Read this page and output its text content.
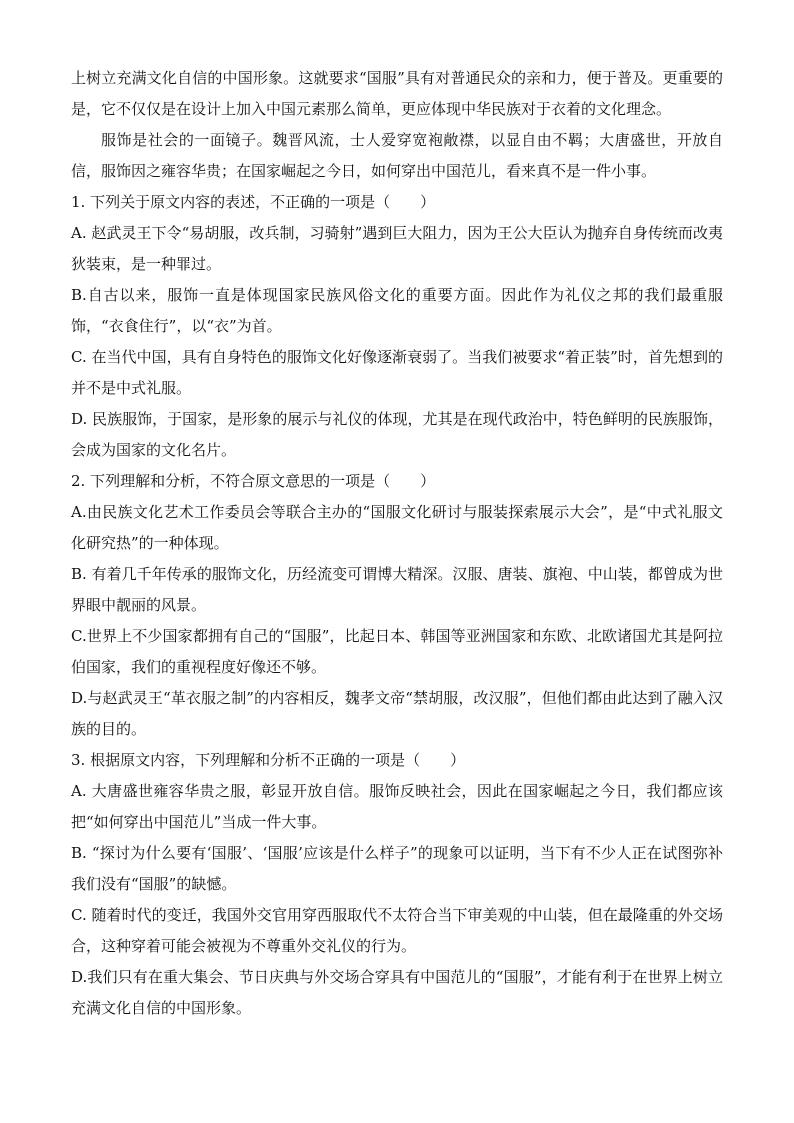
上树立充满文化自信的中国形象。这就要求“国服”具有对普通民众的亲和力，便于普及。更重要的是，它不仅仅是在设计上加入中国元素那么简单，更应体现中华民族对于衣着的文化理念。

服饰是社会的一面镜子。魏晋风流，士人爱穿宽袍敞襟，以显自由不羁；大唐盛世，开放自信，服饰因之雍容华贵；在国家崛起之今日，如何穿出中国范儿，看来真不是一件小事。

1. 下列关于原文内容的表述，不正确的一项是（　　）

A. 赵武灵王下令“易胡服，改兵制，习骑射”遇到巨大阻力，因为王公大臣认为抛弃自身传统而改夷狄装束，是一种罪过。

B.自古以来，服饰一直是体现国家民族风俗文化的重要方面。因此作为礼仪之邦的我们最重服饰，“衣食住行”，以“衣”为首。

C. 在当代中国，具有自身特色的服饰文化好像逐渐衰弱了。当我们被要求“着正装”时，首先想到的并不是中式礼服。

D. 民族服饰，于国家，是形象的展示与礼仪的体现，尤其是在现代政治中，特色鲜明的民族服饰，会成为国家的文化名片。

2. 下列理解和分析，不符合原文意思的一项是（　　）

A.由民族文化艺术工作委员会等联合主办的“国服文化研讨与服装探索展示大会”，是“中式礼服文化研究热”的一种体现。

B. 有着几千年传承的服饰文化，历经流变可谓博大精深。汉服、唐装、旗袍、中山装，都曾成为世界眼中靓丽的风景。

C.世界上不少国家都拥有自己的“国服”，比起日本、韩国等亚洲国家和东欧、北欧诸国尤其是阿拉伯国家，我们的重视程度好像还不够。

D.与赵武灵王“革衣服之制”的内容相反，魏孝文帝“禁胡服，改汉服”，但他们都由此达到了融入汉族的目的。

3. 根据原文内容，下列理解和分析不正确的一项是（　　）

A. 大唐盛世雍容华贵之服，彰显开放自信。服饰反映社会，因此在国家崛起之今日，我们都应该把“如何穿出中国范儿”当成一件大事。

B. “探讨为什么要有‘国服’、‘国服’应该是什么样子”的现象可以证明，当下有不少人正在试图弥补我们没有“国服”的缺憾。

C. 随着时代的变迁，我国外交官用穿西服取代不太符合当下审美观的中山装，但在最隆重的外交场合，这种穿着可能会被视为不尊重外交礼仪的行为。

D.我们只有在重大集会、节日庆典与外交场合穿具有中国范儿的“国服”，才能有利于在世界上树立充满文化自信的中国形象。
